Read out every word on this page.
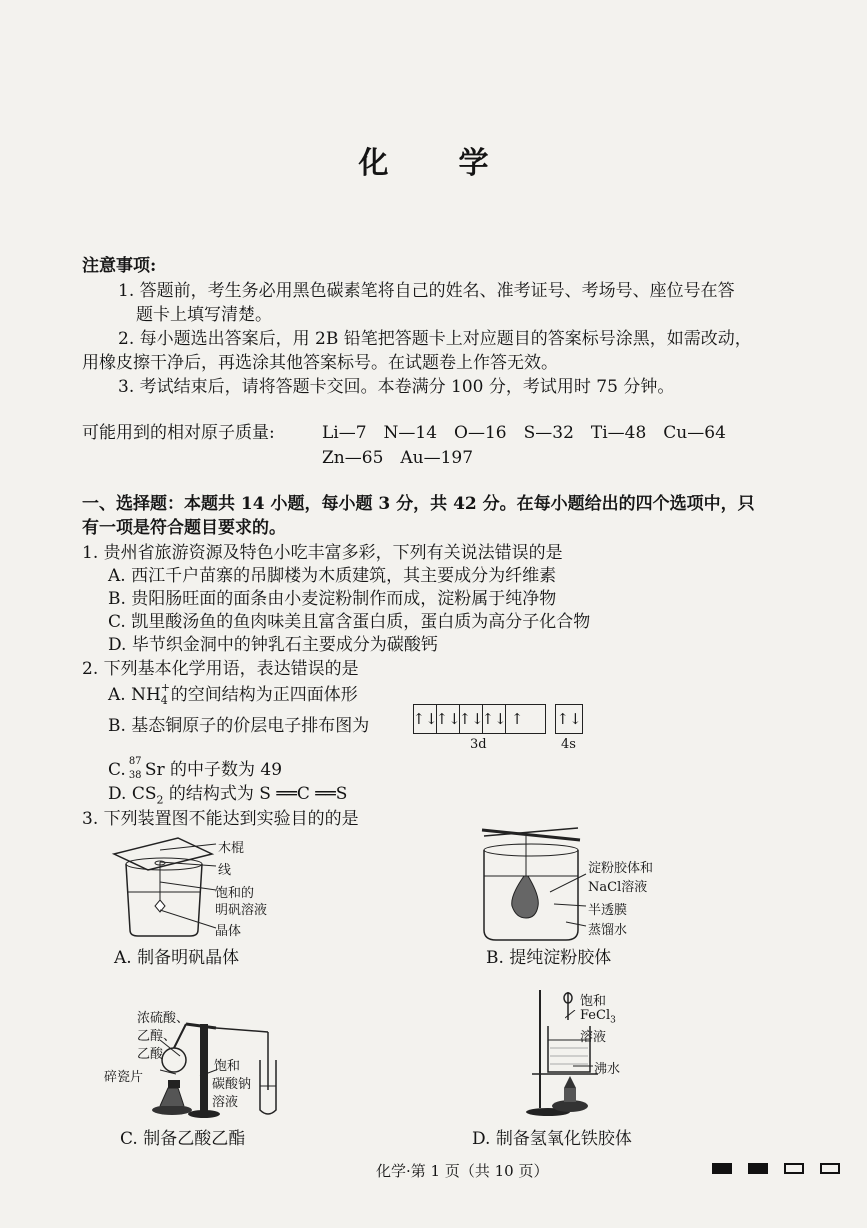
化　学
注意事项:
1. 答题前，考生务必用黑色碳素笔将自己的姓名、准考证号、考场号、座位号在答
题卡上填写清楚。
2. 每小题选出答案后，用 2B 铅笔把答题卡上对应题目的答案标号涂黑，如需改动，
用橡皮擦干净后，再选涂其他答案标号。在试题卷上作答无效。
3. 考试结束后，请将答题卡交回。本卷满分 100 分，考试用时 75 分钟。
可能用到的相对原子质量:	Li—7　N—14　O—16　S—32　Ti—48　Cu—64
Zn—65　Au—197
一、选择题：本题共 14 小题，每小题 3 分，共 42 分。在每小题给出的四个选项中，只
有一项是符合题目要求的。
1. 贵州省旅游资源及特色小吃丰富多彩，下列有关说法错误的是
A. 西江千户苗寨的吊脚楼为木质建筑，其主要成分为纤维素
B. 贵阳肠旺面的面条由小麦淀粉制作而成，淀粉属于纯净物
C. 凯里酸汤鱼的鱼肉味美且富含蛋白质，蛋白质为高分子化合物
D. 毕节织金洞中的钟乳石主要成分为碳酸钙
2. 下列基本化学用语，表达错误的是
A. NH +
4 的空间结构为正四面体形
B. 基态铜原子的价层电子排布图为	↑↓
↑↓
↑↓
↑↓ ↑	↑↓
3d	4s
C. 87
38 Sr 的中子数为 49
D. $CS_2$ 的结构式为 S ══C ══S
3. 下列装置图不能达到实验目的的是
木棍
线
饱和的
明矾溶液
晶体
A. 制备明矾晶体
淀粉胶体和
NaCl溶液
半透膜
蒸馏水
B. 提纯淀粉胶体
浓硫酸、
乙醇、
乙酸
碎瓷片
饱和
碳酸钠
溶液
C. 制备乙酸乙酯
饱和
FeCl$_3$
溶液
沸水
D. 制备氢氧化铁胶体
化学·第 1 页（共 10 页）
